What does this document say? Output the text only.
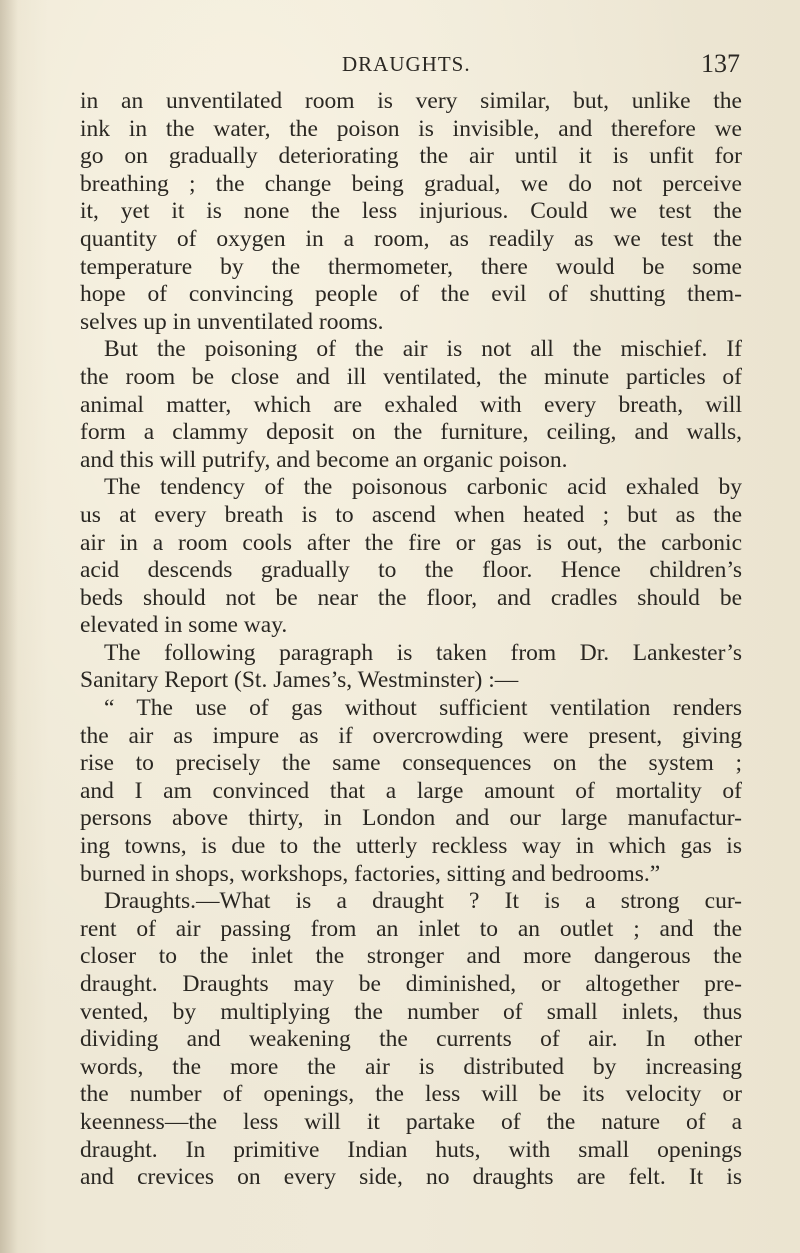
DRAUGHTS.	137
in an unventilated room is very similar, but, unlike the
ink in the water, the poison is invisible, and therefore we
go on gradually deteriorating the air until it is unfit for
breathing ; the change being gradual, we do not perceive
it, yet it is none the less injurious. Could we test the
quantity of oxygen in a room, as readily as we test the
temperature by the thermometer, there would be some
hope of convincing people of the evil of shutting them-
selves up in unventilated rooms.
But the poisoning of the air is not all the mischief. If
the room be close and ill ventilated, the minute particles of
animal matter, which are exhaled with every breath, will
form a clammy deposit on the furniture, ceiling, and walls,
and this will putrify, and become an organic poison.
The tendency of the poisonous carbonic acid exhaled by
us at every breath is to ascend when heated ; but as the
air in a room cools after the fire or gas is out, the carbonic
acid descends gradually to the floor. Hence children’s
beds should not be near the floor, and cradles should be
elevated in some way.
The following paragraph is taken from Dr. Lankester’s
Sanitary Report (St. James’s, Westminster) :—
“ The use of gas without sufficient ventilation renders
the air as impure as if overcrowding were present, giving
rise to precisely the same consequences on the system ;
and I am convinced that a large amount of mortality of
persons above thirty, in London and our large manufactur-
ing towns, is due to the utterly reckless way in which gas is
burned in shops, workshops, factories, sitting and bedrooms.”
Draughts.—What is a draught ? It is a strong cur-
rent of air passing from an inlet to an outlet ; and the
closer to the inlet the stronger and more dangerous the
draught. Draughts may be diminished, or altogether pre-
vented, by multiplying the number of small inlets, thus
dividing and weakening the currents of air. In other
words, the more the air is distributed by increasing
the number of openings, the less will be its velocity or
keenness—the less will it partake of the nature of a
draught. In primitive Indian huts, with small openings
and crevices on every side, no draughts are felt. It is
